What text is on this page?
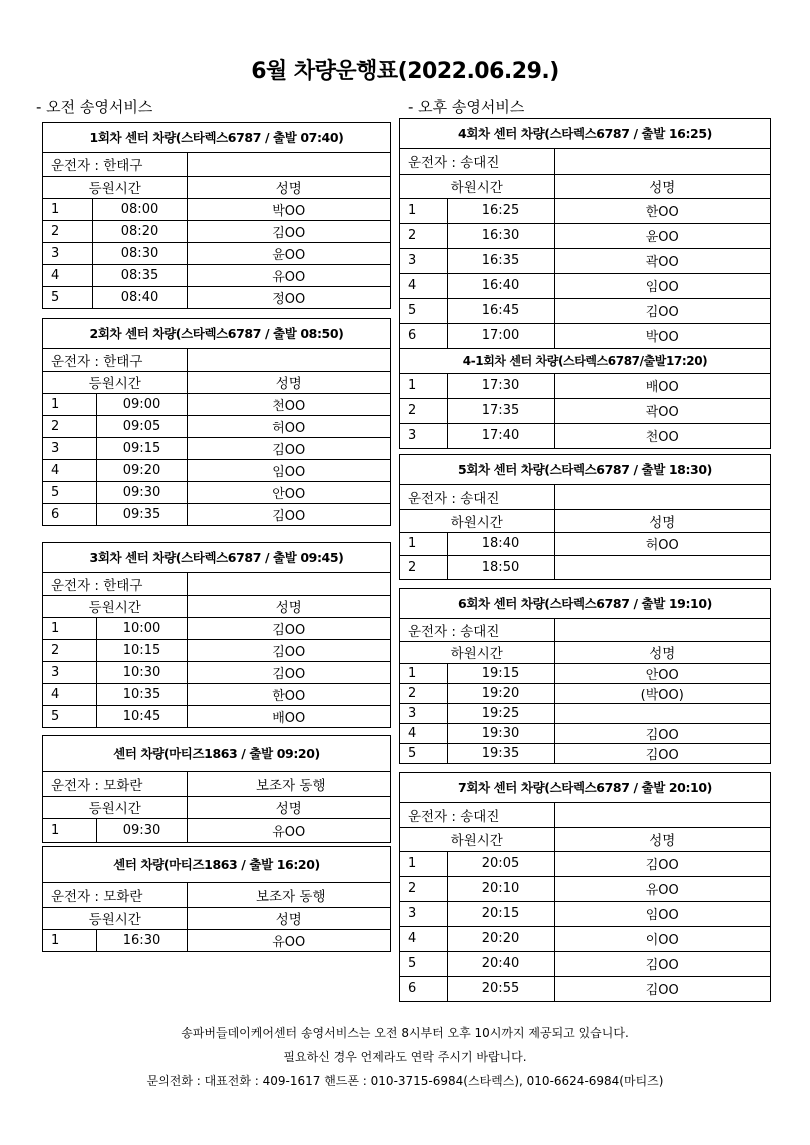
6월 차량운행표(2022.06.29.)
- 오전 송영서비스	- 오후 송영서비스
1회차 센터 차량(스타렉스6787 / 출발 07:40)
운전자 : 한태구		
등원시간		성명
1	08:00	박OO
2	08:20	김OO
3	08:30	윤OO
4	08:35	유OO
5	08:40	정OO
2회차 센터 차량(스타렉스6787 / 출발 08:50)
운전자 : 한태구		
등원시간		성명
1	09:00	천OO
2	09:05	허OO
3	09:15	김OO
4	09:20	임OO
5	09:30	안OO
6	09:35	김OO
3회차 센터 차량(스타렉스6787 / 출발 09:45)
운전자 : 한태구		
등원시간		성명
1	10:00	김OO
2	10:15	김OO
3	10:30	김OO
4	10:35	한OO
5	10:45	배OO
센터 차량(마티즈1863 / 출발 09:20)
운전자 : 모화란		보조자 동행
등원시간		성명
1	09:30	유OO
센터 차량(마티즈1863 / 출발 16:20)
운전자 : 모화란		보조자 동행
등원시간		성명
1	16:30	유OO
4회차 센터 차량(스타렉스6787 / 출발 16:25)
운전자 : 송대진		
하원시간		성명
1	16:25	한OO
2	16:30	윤OO
3	16:35	곽OO
4	16:40	임OO
5	16:45	김OO
6	17:00	박OO
4-1회차 센터 차량(스타렉스6787/출발17:20)
1	17:30	배OO
2	17:35	곽OO
3	17:40	천OO
5회차 센터 차량(스타렉스6787 / 출발 18:30)
운전자 : 송대진		
하원시간		성명
1	18:40	허OO
2	18:50	
6회차 센터 차량(스타렉스6787 / 출발 19:10)
운전자 : 송대진		
하원시간		성명
1	19:15	안OO
2	19:20	(박OO)
3	19:25	
4	19:30	김OO
5	19:35	김OO
7회차 센터 차량(스타렉스6787 / 출발 20:10)
운전자 : 송대진		
하원시간		성명
1	20:05	김OO
2	20:10	유OO
3	20:15	임OO
4	20:20	이OO
5	20:40	김OO
6	20:55	김OO
송파버들데이케어센터 송영서비스는 오전 8시부터 오후 10시까지 제공되고 있습니다.
필요하신 경우 언제라도 연락 주시기 바랍니다.
문의전화 : 대표전화 : 409-1617 핸드폰 : 010-3715-6984(스타렉스), 010-6624-6984(마티즈)
